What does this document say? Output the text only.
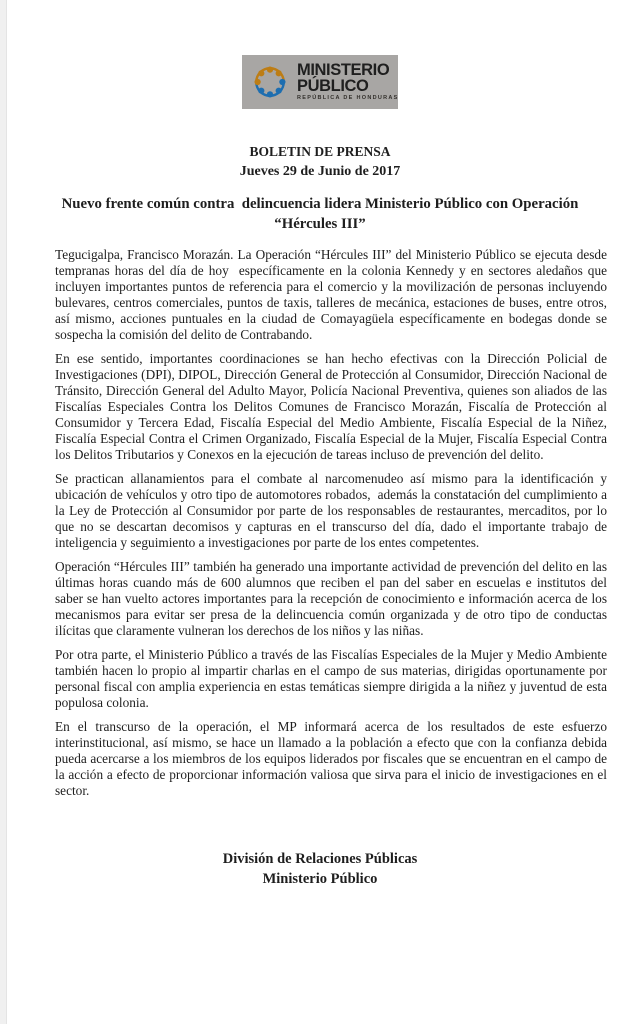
MINISTERIO
PÚBLICO
REPÚBLICA DE HONDURAS
BOLETIN DE PRENSA
Jueves 29 de Junio de 2017
Nuevo frente común contra  delincuencia lidera Ministerio Público con Operación “Hércules III”

Tegucigalpa, Francisco Morazán. La Operación “Hércules III” del Ministerio Público se ejecuta desde tempranas horas del día de hoy  específicamente en la colonia Kennedy y en sectores aledaños que incluyen importantes puntos de referencia para el comercio y la movilización de personas incluyendo bulevares, centros comerciales, puntos de taxis, talleres de mecánica, estaciones de buses, entre otros, así mismo, acciones puntuales en la ciudad de Comayagüela específicamente en bodegas donde se sospecha la comisión del delito de Contrabando.

En ese sentido, importantes coordinaciones se han hecho efectivas con la Dirección Policial de Investigaciones (DPI), DIPOL, Dirección General de Protección al Consumidor, Dirección Nacional de Tránsito, Dirección General del Adulto Mayor, Policía Nacional Preventiva, quienes son aliados de las Fiscalías Especiales Contra los Delitos Comunes de Francisco Morazán, Fiscalía de Protección al Consumidor y Tercera Edad, Fiscalía Especial del Medio Ambiente, Fiscalía Especial de la Niñez, Fiscalía Especial Contra el Crimen Organizado, Fiscalía Especial de la Mujer, Fiscalía Especial Contra los Delitos Tributarios y Conexos en la ejecución de tareas incluso de prevención del delito.

Se practican allanamientos para el combate al narcomenudeo así mismo para la identificación y ubicación de vehículos y otro tipo de automotores robados,  además la constatación del cumplimiento a la Ley de Protección al Consumidor por parte de los responsables de restaurantes, mercaditos, por lo que no se descartan decomisos y capturas en el transcurso del día, dado el importante trabajo de inteligencia y seguimiento a investigaciones por parte de los entes competentes.

Operación “Hércules III” también ha generado una importante actividad de prevención del delito en las últimas horas cuando más de 600 alumnos que reciben el pan del saber en escuelas e institutos del saber se han vuelto actores importantes para la recepción de conocimiento e información acerca de los mecanismos para evitar ser presa de la delincuencia común organizada y de otro tipo de conductas ilícitas que claramente vulneran los derechos de los niños y las niñas.

Por otra parte, el Ministerio Público a través de las Fiscalías Especiales de la Mujer y Medio Ambiente también hacen lo propio al impartir charlas en el campo de sus materias, dirigidas oportunamente por personal fiscal con amplia experiencia en estas temáticas siempre dirigida a la niñez y juventud de esta populosa colonia.

En el transcurso de la operación, el MP informará acerca de los resultados de este esfuerzo interinstitucional, así mismo, se hace un llamado a la población a efecto que con la confianza debida pueda acercarse a los miembros de los equipos liderados por fiscales que se encuentran en el campo de la acción a efecto de proporcionar información valiosa que sirva para el inicio de investigaciones en el sector.

División de Relaciones Públicas
Ministerio Público
